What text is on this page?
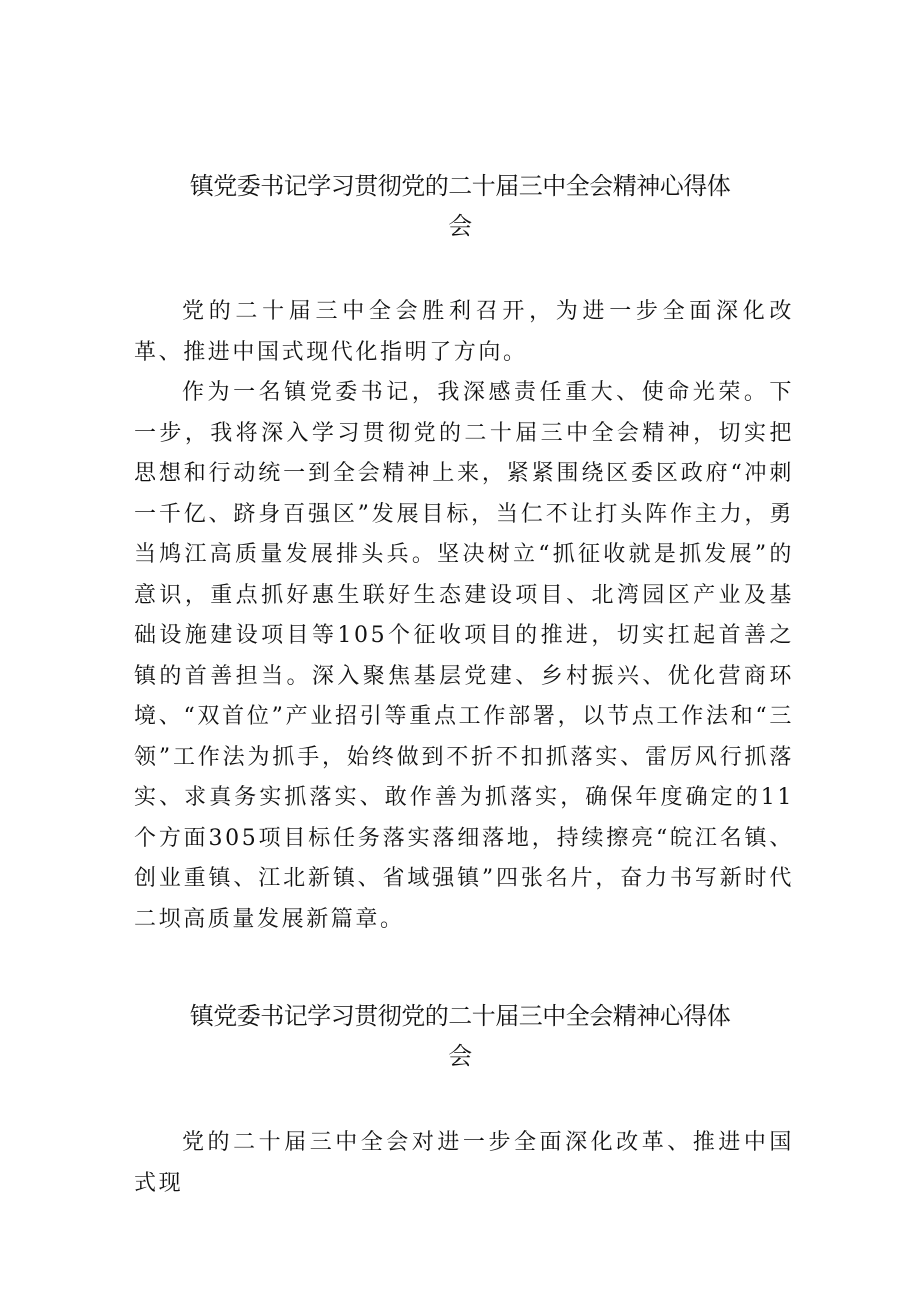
镇党委书记学习贯彻党的二十届三中全会精神心得体
会

党的二十届三中全会胜利召开，为进一步全面深化改革、推进中国式现代化指明了方向。

作为一名镇党委书记，我深感责任重大、使命光荣。下一步，我将深入学习贯彻党的二十届三中全会精神，切实把思想和行动统一到全会精神上来，紧紧围绕区委区政府“冲刺一千亿、跻身百强区”发展目标，当仁不让打头阵作主力，勇当鸠江高质量发展排头兵。坚决树立“抓征收就是抓发展”的意识，重点抓好惠生联好生态建设项目、北湾园区产业及基础设施建设项目等105个征收项目的推进，切实扛起首善之镇的首善担当。深入聚焦基层党建、乡村振兴、优化营商环境、“双首位”产业招引等重点工作部署，以节点工作法和“三领”工作法为抓手，始终做到不折不扣抓落实、雷厉风行抓落实、求真务实抓落实、敢作善为抓落实，确保年度确定的11个方面305项目标任务落实落细落地，持续擦亮“皖江名镇、创业重镇、江北新镇、省域强镇”四张名片，奋力书写新时代二坝高质量发展新篇章。

镇党委书记学习贯彻党的二十届三中全会精神心得体
会

党的二十届三中全会对进一步全面深化改革、推进中国式现
